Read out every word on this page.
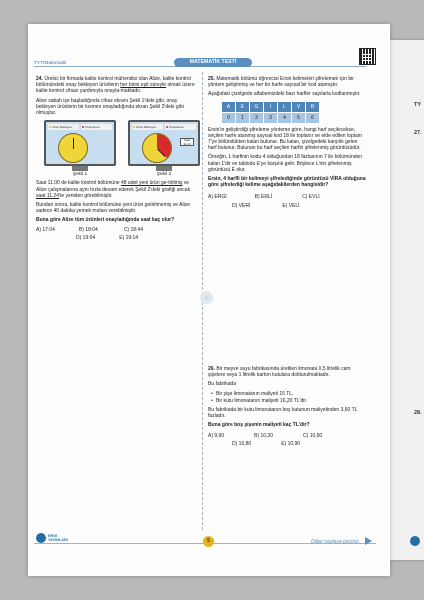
TY
27.
28.
TYT/Matematik	MATEMATİK TESTİ

24. Üretici bir firmada kalite kontrol mühendisi olan Alize, kalite kontrol bölümündeki onay bekleyen ürünlerin her birini eşit süreyle olmak üzere kalite kontrol cihazı yardımıyla onayla-maktadır.

Alize sabah işe başladığında cihaz ekranı Şekil 1'deki gibi, onay bekleyen ürünlerin bir kısmını onayladığında ekran Şekil 2'deki gibi olmuştur.

Onay Bekleyen	Onaylanan
Şekil 1
Onay Bekleyen	Onaylanan
Saat 11.24
Şekil 2

Saat 11.00 de kalite kontrol bölümüne 48 adet yeni ürün ge-tirilmiş ve Alize çalışmalarına aynı hızla devam ederek Şekil 2'deki grafiği ancak saat 11.24'te yeniden görebilmiştir.

Bundan sonra, kalite kontrol bölümüne yeni ürün getirilmemiş ve Alize sadece 40 dakika yemek molası verebilmiştir.

Buna göre Alize tüm ürünleri onayladığında saat kaç olur?

A) 17:04	B) 18:04	C) 18:44
D) 19:04	E) 19:14

25. Matematik bölümü öğrencisi Ersin kelimeleri şifrelemek için bir yöntem geliştirmiş ve her bir harfe sayısal bir kod atamıştır.

Aşağıdaki çizelgede alfabemizdeki bazı harfler sayılarla kodlanmıştır.

A	E	G	İ	L	V	R
0	1	2	3	4	5	6

Ersin'in geliştirdiği şifreleme yönteme göre, hangi harf seçilecekse, seçilen harfe atanmış sayısal kod 18 ile toplanır ve elde edilen toplam 7'ye bölündükten kalan bulunur. Bu kalan, çizelgedeki karşılık gelen harf bulunur. Bulunan bu harf seçilen harfin şifrelenmiş görüntüsüdür.

Örneğin, L harfinin kodu 4 olduğundan 18 fazlasının 7 ile bölümünden kalan 1'dir ve tabloda E'ye karşılık gelir. Böylece L'nin şifrelenmiş görüntüsü E olur.

Ersin, 4 harfli bir kelimeyi şifrelediğinde görüntüsü VİRA olduğuna göre şifrelediği kelime aşağıdakilerden hangisidir?

A) ERGİ	B) ERLİ	C) EVLİ
D) VERİ	E) VELİ
e

26. Bir meyve suyu fabrikasında üretilen limonata 0,5 litrelik cam şişelere veya 1 litrelik karton kutulara doldurulmaktadır.

Bu fabrikada

• Bir şişe limonatanın maliyeti 15 TL,

• Bir kutu limonatanın maliyeti 16,20 TL'dir.

Bu fabrikada bir kutu limonatanın boş kutunun maliyetinden 3,60 TL fazladır.

Buna göre boş şişenin maliyeti kaç TL'dir?

A) 9,90	B) 10,20	C) 10,50
D) 10,80	E) 10,90
ERGİ
YAYINLARI	5	Diğer sayfaya geçiniz.
